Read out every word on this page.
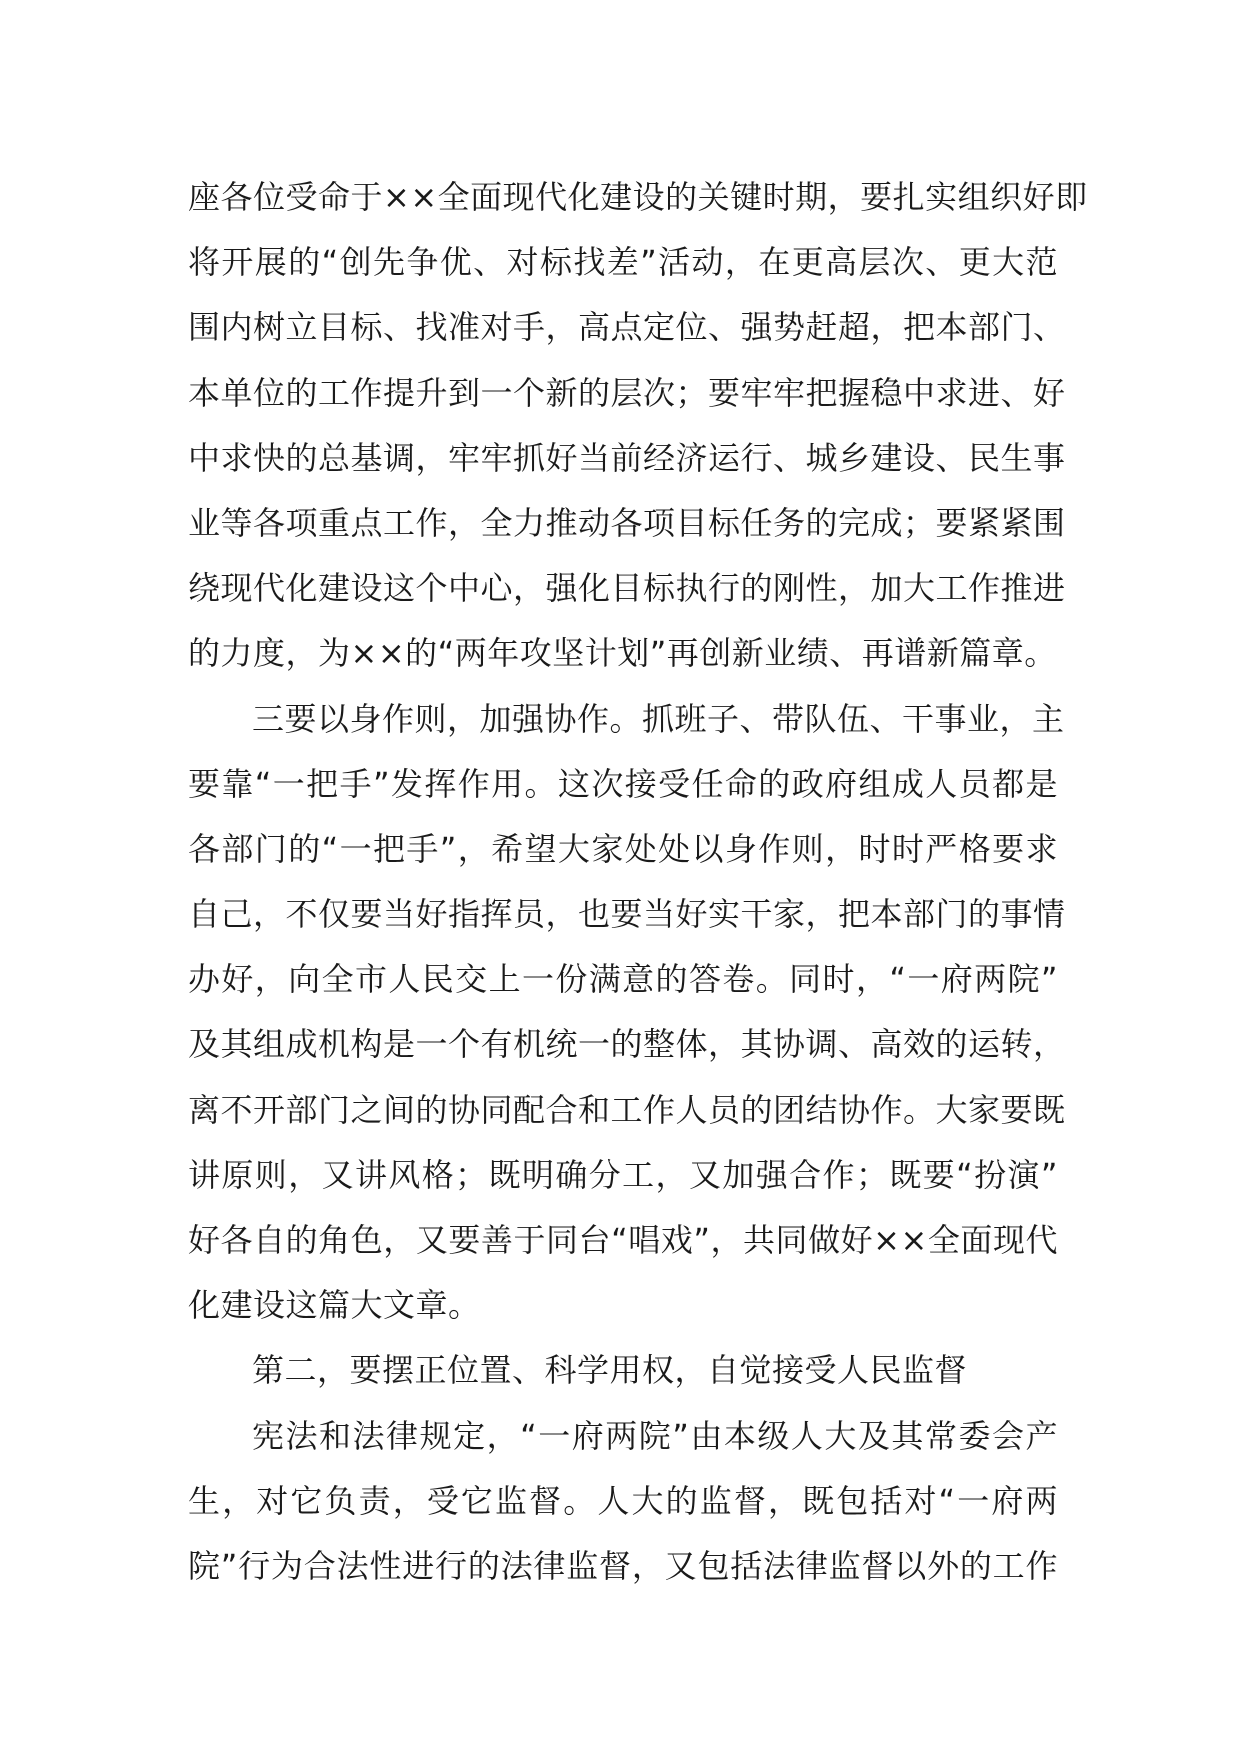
座各位受命于××全面现代化建设的关键时期，要扎实组织好即
将开展的“创先争优、对标找差”活动，在更高层次、更大范
围内树立目标、找准对手，高点定位、强势赶超，把本部门、
本单位的工作提升到一个新的层次；要牢牢把握稳中求进、好
中求快的总基调，牢牢抓好当前经济运行、城乡建设、民生事
业等各项重点工作，全力推动各项目标任务的完成；要紧紧围
绕现代化建设这个中心，强化目标执行的刚性，加大工作推进
的力度，为××的“两年攻坚计划”再创新业绩、再谱新篇章。
三要以身作则，加强协作。抓班子、带队伍、干事业，主
要靠“一把手”发挥作用。这次接受任命的政府组成人员都是
各部门的“一把手”，希望大家处处以身作则，时时严格要求
自己，不仅要当好指挥员，也要当好实干家，把本部门的事情
办好，向全市人民交上一份满意的答卷。同时，“一府两院”
及其组成机构是一个有机统一的整体，其协调、高效的运转，
离不开部门之间的协同配合和工作人员的团结协作。大家要既
讲原则，又讲风格；既明确分工，又加强合作；既要“扮演”
好各自的角色，又要善于同台“唱戏”，共同做好××全面现代
化建设这篇大文章。
第二，要摆正位置、科学用权，自觉接受人民监督
宪法和法律规定，“一府两院”由本级人大及其常委会产
生，对它负责，受它监督。人大的监督，既包括对“一府两
院”行为合法性进行的法律监督，又包括法律监督以外的工作
